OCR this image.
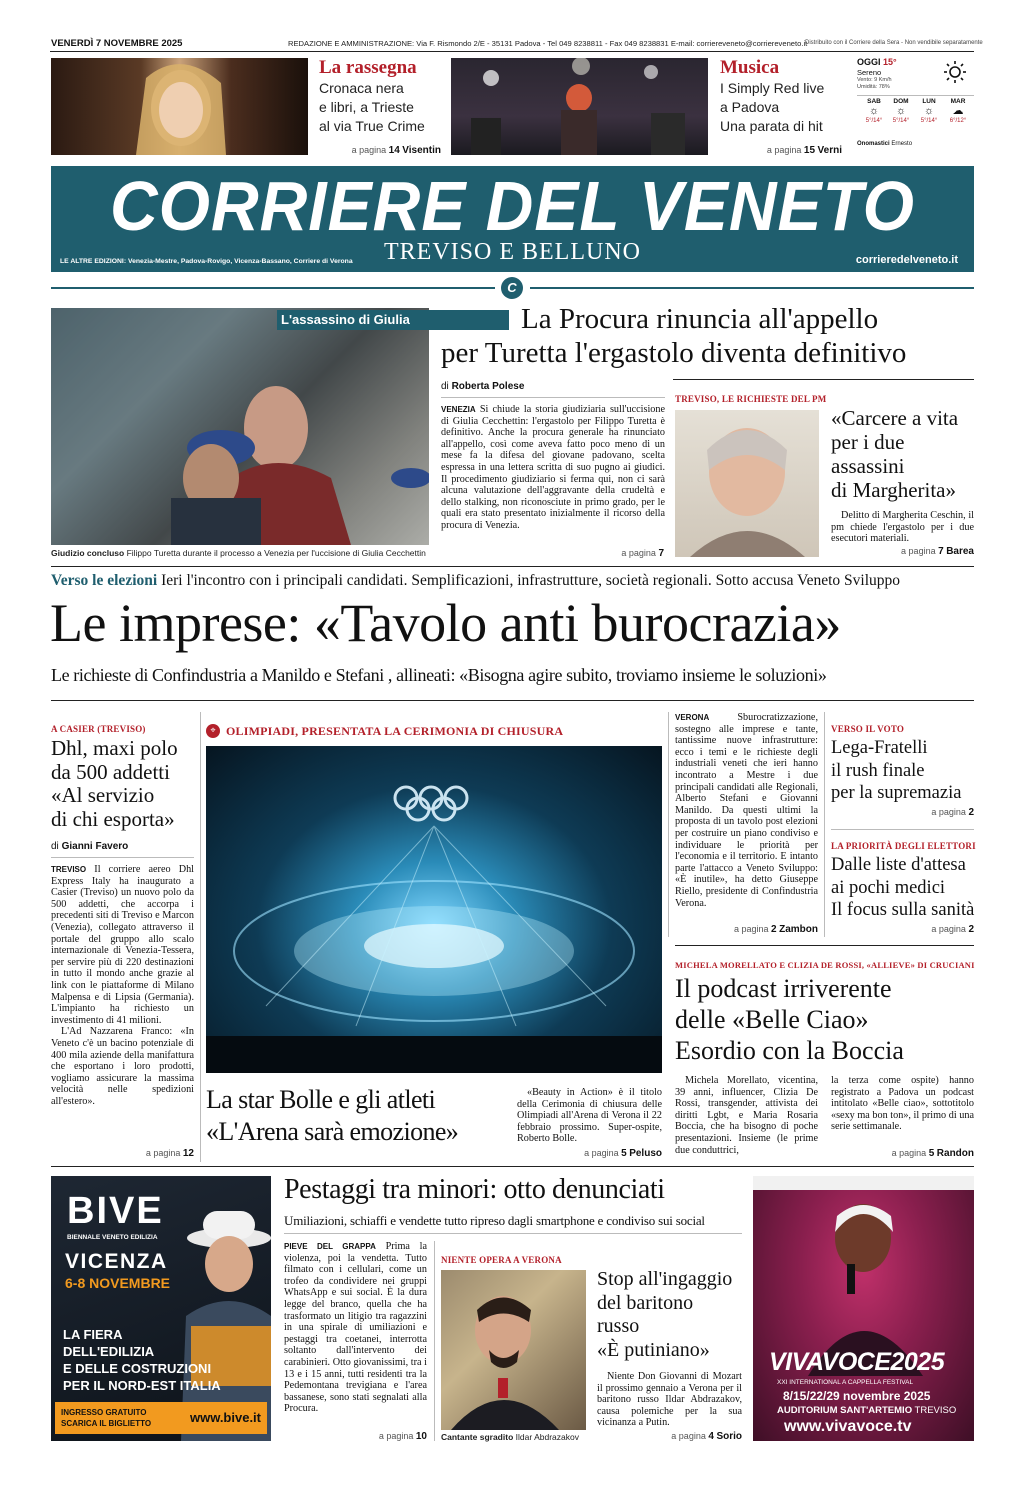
VENERDÌ 7 NOVEMBRE 2025	REDAZIONE E AMMINISTRAZIONE: Via F. Rismondo 2/E - 35131 Padova - Tel 049 8238811 - Fax 049 8238831 E-mail: corriereveneto@corriereveneto.it
Distribuito con il Corriere della Sera - Non vendibile separatamente
La rassegna
Cronaca nera
e libri, a Trieste
al via True Crime
a pagina 14 Visentin
Musica
I Simply Red live
a Padova
Una parata di hit
a pagina 15 Verni
OGGI 15°
Sereno
Vento: 9 Km/h
Umidità: 78%
SAB
☼
5°/14°
DOM
☼
5°/14°
LUN
☼
5°/14°
MAR
☁
6°/12°
Onomastici Ernesto
CORRIERE DEL VENETO
TREVISO E BELLUNO
LE ALTRE EDIZIONI: Venezia-Mestre, Padova-Rovigo, Vicenza-Bassano, Corriere di Verona	corrieredelveneto.it
C
L'assassino di Giulia
Giudizio concluso Filippo Turetta durante il processo a Venezia per l'uccisione di Giulia Cecchettin
La Procura rinuncia all'appello
per Turetta l'ergastolo diventa definitivo
di Roberta Polese
VENEZIA Si chiude la storia giudiziaria sull'uccisione di Giulia Cecchettin: l'ergastolo per Filippo Turetta è definitivo. Anche la procura generale ha rinunciato all'appello, così come aveva fatto poco meno di un mese fa la difesa del giovane padovano, scelta espressa in una lettera scritta di suo pugno ai giudici. Il procedimento giudiziario si ferma qui, non ci sarà alcuna valutazione dell'aggravante della crudeltà e dello stalking, non riconosciute in primo grado, per le quali era stato presentato inizialmente il ricorso della procura di Venezia.
a pagina 7
TREVISO, LE RICHIESTE DEL PM
«Carcere a vita
per i due
assassini
di Margherita»
Delitto di Margherita Ceschin, il pm chiede l'ergastolo per i due esecutori materiali.
a pagina 7 Barea
Verso le elezioni Ieri l'incontro con i principali candidati. Semplificazioni, infrastrutture, società regionali. Sotto accusa Veneto Sviluppo
Le imprese: «Tavolo anti burocrazia»
Le richieste di Confindustria a Manildo e Stefani , allineati: «Bisogna agire subito, troviamo insieme le soluzioni»
A CASIER (TREVISO)
Dhl, maxi polo
da 500 addetti
«Al servizio
di chi esporta»
di Gianni Favero
TREVISO Il corriere aereo Dhl Express Italy ha inaugurato a Casier (Treviso) un nuovo polo da 500 addetti, che accorpa i precedenti siti di Treviso e Marcon (Venezia), collegato attraverso il portale del gruppo allo scalo internazionale di Venezia-Tessera, per servire più di 220 destinazioni in tutto il mondo anche grazie al link con le piattaforme di Milano Malpensa e di Lipsia (Germania). L'impianto ha richiesto un investimento di 41 milioni.
L'Ad Nazzarena Franco: «In Veneto c'è un bacino potenziale di 400 mila aziende della manifattura che esportano i loro prodotti, vogliamo assicurare la massima velocità nelle spedizioni all'estero».
a pagina 12
⌖ OLIMPIADI, PRESENTATA LA CERIMONIA DI CHIUSURA
La star Bolle e gli atleti
«L'Arena sarà emozione»
«Beauty in Action» è il titolo della Cerimonia di chiusura delle Olimpiadi all'Arena di Verona il 22 febbraio prossimo. Super-ospite, Roberto Bolle.
a pagina 5 Peluso
VERONA	Sburocratizzazione, sostegno alle imprese e tante, tantissime nuove infrastrutture: ecco i temi e le richieste degli industriali veneti che ieri hanno incontrato a Mestre i due principali candidati alle Regionali, Alberto Stefani e Giovanni Manildo. Da questi ultimi la proposta di un tavolo post elezioni per costruire un piano condiviso e individuare le priorità per l'economia e il territorio. E intanto parte l'attacco a Veneto Sviluppo: «È inutile», ha detto Giuseppe Riello, presidente di Confindustria Verona.
a pagina 2 Zambon
VERSO IL VOTO
Lega-Fratelli
il rush finale
per la supremazia
a pagina 2
LA PRIORITÀ DEGLI ELETTORI
Dalle liste d'attesa
ai pochi medici
Il focus sulla sanità
a pagina 2
MICHELA MORELLATO E CLIZIA DE ROSSI, «ALLIEVE» DI CRUCIANI
Il podcast irriverente
delle «Belle Ciao»
Esordio con la Boccia
Michela Morellato, vicentina, 39 anni, influencer, Clizia De Rossi, transgender, attivista dei diritti Lgbt, e Maria Rosaria Boccia, che ha bisogno di poche presentazioni. Insieme (le prime due conduttrici,
la terza come ospite) hanno registrato a Padova un podcast intitolato «Belle ciao», sottotitolo «sexy ma bon ton», il primo di una serie settimanale.
a pagina 5 Randon
BIVE
BIENNALE VENETO EDILIZIA
VICENZA
6-8 NOVEMBRE
LA FIERA
DELL'EDILIZIA
E DELLE COSTRUZIONI
PER IL NORD-EST ITALIA
INGRESSO GRATUITO
SCARICA IL BIGLIETTO	www.bive.it
Pestaggi tra minori: otto denunciati
Umiliazioni, schiaffi e vendette tutto ripreso dagli smartphone e condiviso sui social
PIEVE DEL GRAPPA Prima la violenza, poi la vendetta. Tutto filmato con i cellulari, come un trofeo da condividere nei gruppi WhatsApp e sui social. È la dura legge del branco, quella che ha trasformato un litigio tra ragazzini in una spirale di umiliazioni e pestaggi tra coetanei, interrotta soltanto dall'intervento dei carabinieri. Otto giovanissimi, tra i 13 e i 15 anni, tutti residenti tra la Pedemontana trevigiana e l'area bassanese, sono stati segnalati alla Procura.
a pagina 10
NIENTE OPERA A VERONA
Cantante sgradito Ildar Abdrazakov
Stop all'ingaggio
del baritono
russo
«È putiniano»
Niente Don Giovanni di Mozart il prossimo gennaio a Verona per il baritono russo Ildar Abdrazakov, causa polemiche per la sua vicinanza a Putin.
a pagina 4 Sorio
VIVAVOCE2025
XXI INTERNATIONAL A CAPPELLA FESTIVAL
8/15/22/29 novembre 2025
AUDITORIUM SANT'ARTEMIO TREVISO
www.vivavoce.tv
